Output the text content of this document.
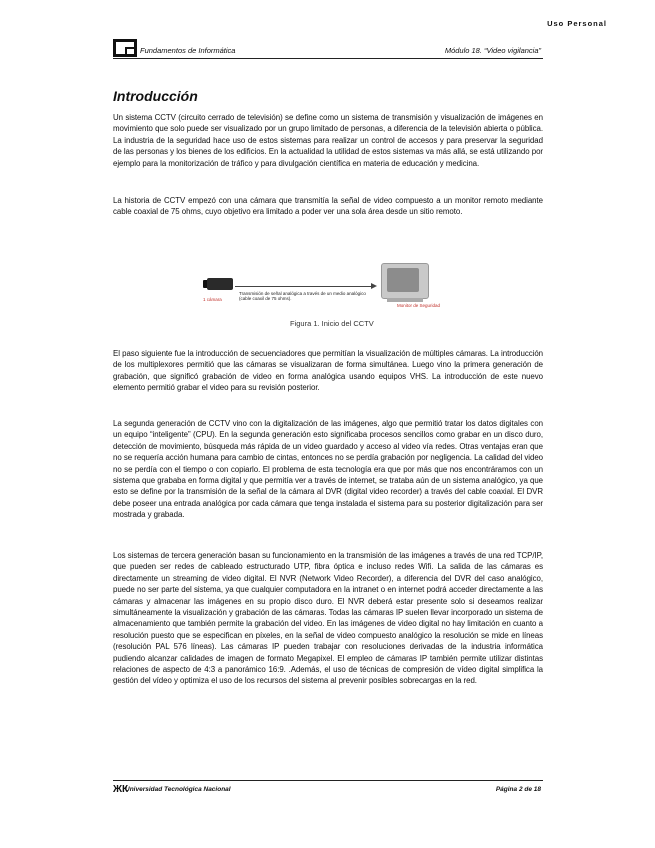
Uso Personal
Fundamentos de Informática	Módulo 18. “Video vigilancia”
Introducción

Un sistema CCTV (circuito cerrado de televisión) se define como un sistema de transmisión y visualización de imágenes en movimiento que solo puede ser visualizado por un grupo limitado de personas, a diferencia de la televisión abierta o pública. La industria de la seguridad hace uso de estos sistemas para realizar un control de accesos y para preservar la seguridad de las personas y los bienes de los edificios. En la actualidad la utilidad de estos sistemas va más allá, se está utilizando por ejemplo para la monitorización de tráfico y para divulgación científica en materia de educación y medicina.

La historia de CCTV empezó con una cámara que transmitía la señal de video compuesto a un monitor remoto mediante cable coaxial de 75 ohms, cuyo objetivo era limitado a poder ver una sola área desde un sitio remoto.

1 cámara
Transmisión de señal analógica a través de un medio analógico (cable coaxil de 75 ohms).
Monitor de Seguridad
Figura 1. Inicio del CCTV

El paso siguiente fue la introducción de secuenciadores que permitían la visualización de múltiples cámaras. La introducción de los multiplexores permitió que las cámaras se visualizaran de forma simultánea. Luego vino la primera generación de grabación, que significó grabación de video en forma analógica usando equipos VHS. La introducción de este nuevo elemento permitió grabar el video para su revisión posterior.

La segunda generación de CCTV vino con la digitalización de las imágenes, algo que permitió tratar los datos digitales con un equipo “inteligente” (CPU). En la segunda generación esto significaba procesos sencillos como grabar en un disco duro, detección de movimiento, búsqueda más rápida de un video guardado y acceso al video vía redes. Otras ventajas eran que no se requería acción humana para cambio de cintas, entonces no se perdía grabación por negligencia. La calidad del video no se perdía con el tiempo o con copiarlo. El problema de esta tecnología era que por más que nos encontráramos con un sistema que grababa en forma digital y que permitía ver a través de internet, se trataba aún de un sistema analógico, ya que esto se define por la transmisión de la señal de la cámara al DVR (digital video recorder) a través del cable coaxial. El DVR debe poseer una entrada analógica por cada cámara que tenga instalada el sistema para su posterior digitalización para ser mostrada y grabada.

Los sistemas de tercera generación basan su funcionamiento en la transmisión de las imágenes a través de una red TCP/IP, que pueden ser redes de cableado estructurado UTP, fibra óptica e incluso redes Wifi. La salida de las cámaras es directamente un streaming de video digital. El NVR (Network Video Recorder), a diferencia del DVR del caso analógico, puede no ser parte del sistema, ya que cualquier computadora en la intranet o en internet podrá acceder directamente a las cámaras y almacenar las imágenes en su propio disco duro. El NVR deberá estar presente solo si deseamos realizar simultáneamente la visualización y grabación de las cámaras. Todas las cámaras IP suelen llevar incorporado un sistema de almacenamiento que también permite la grabación del video. En las imágenes de video digital no hay limitación en cuanto a resolución puesto que se especifican en píxeles, en la señal de video compuesto analógico la resolución se mide en líneas (resolución PAL 576 líneas). Las cámaras IP pueden trabajar con resoluciones derivadas de la industria informática pudiendo alcanzar calidades de imagen de formato Megapixel. El empleo de cámaras IP también permite utilizar distintas relaciones de aspecto de 4:3 a panorámico 16:9. .Además, el uso de técnicas de compresión de vídeo digital simplifica la gestión del vídeo y optimiza el uso de los recursos del sistema al prevenir posibles sobrecargas en la red.

ЖК
Universidad Tecnológica Nacional	Página 2 de 18
